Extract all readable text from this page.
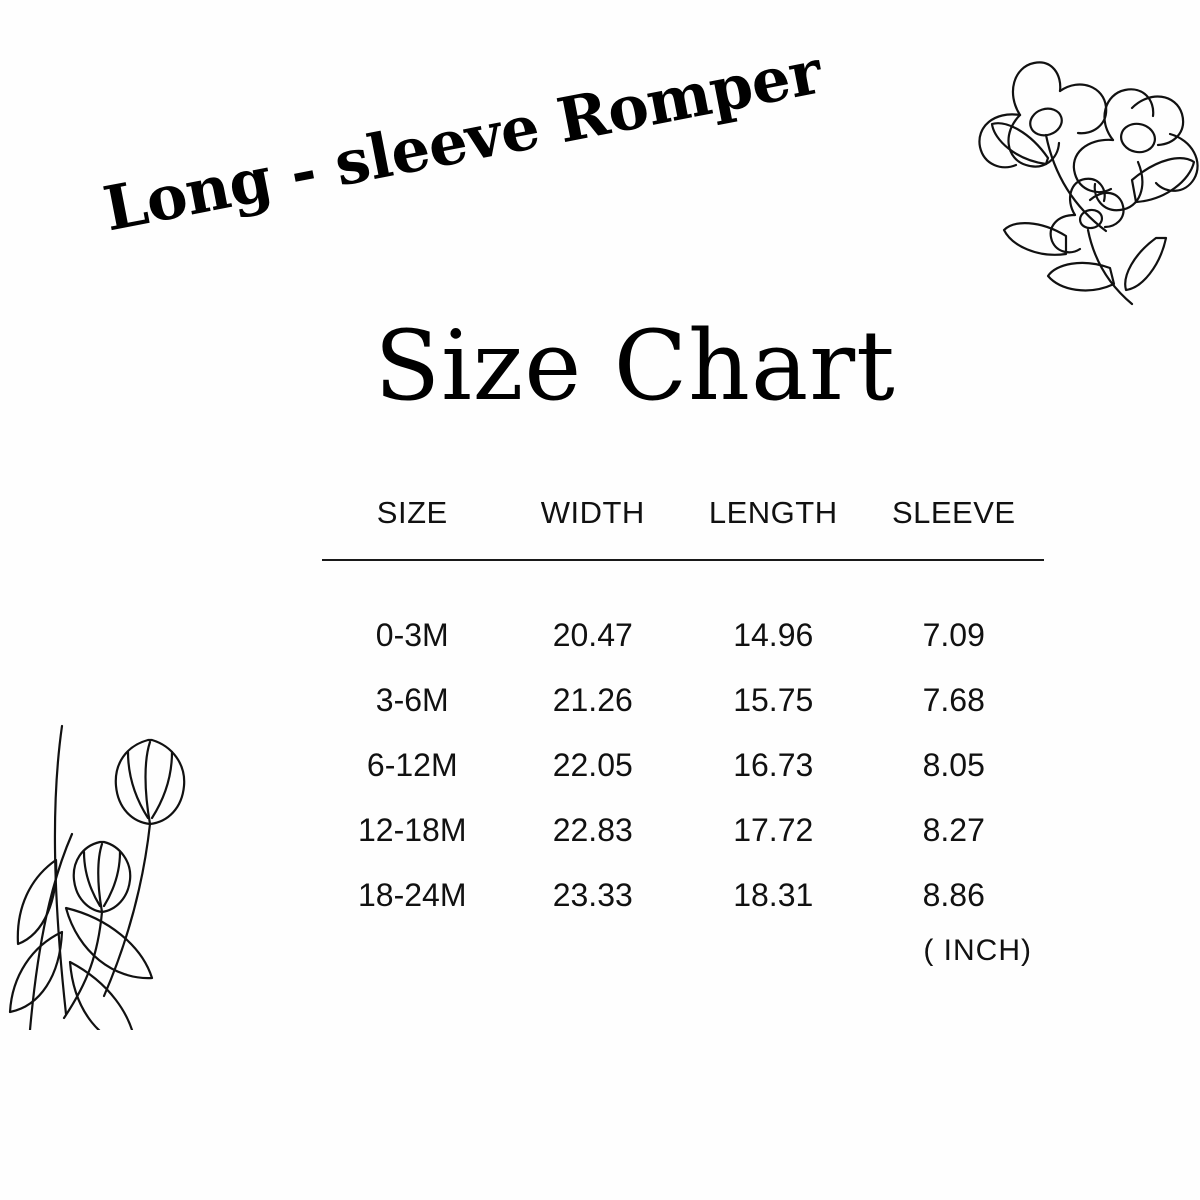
Long - sleeve Romper
Size Chart
SIZE	WIDTH	LENGTH	SLEEVE
0-3M	20.47	14.96	7.09
3-6M	21.26	15.75	7.68
6-12M	22.05	16.73	8.05
12-18M	22.83	17.72	8.27
18-24M	23.33	18.31	8.86
( INCH)
